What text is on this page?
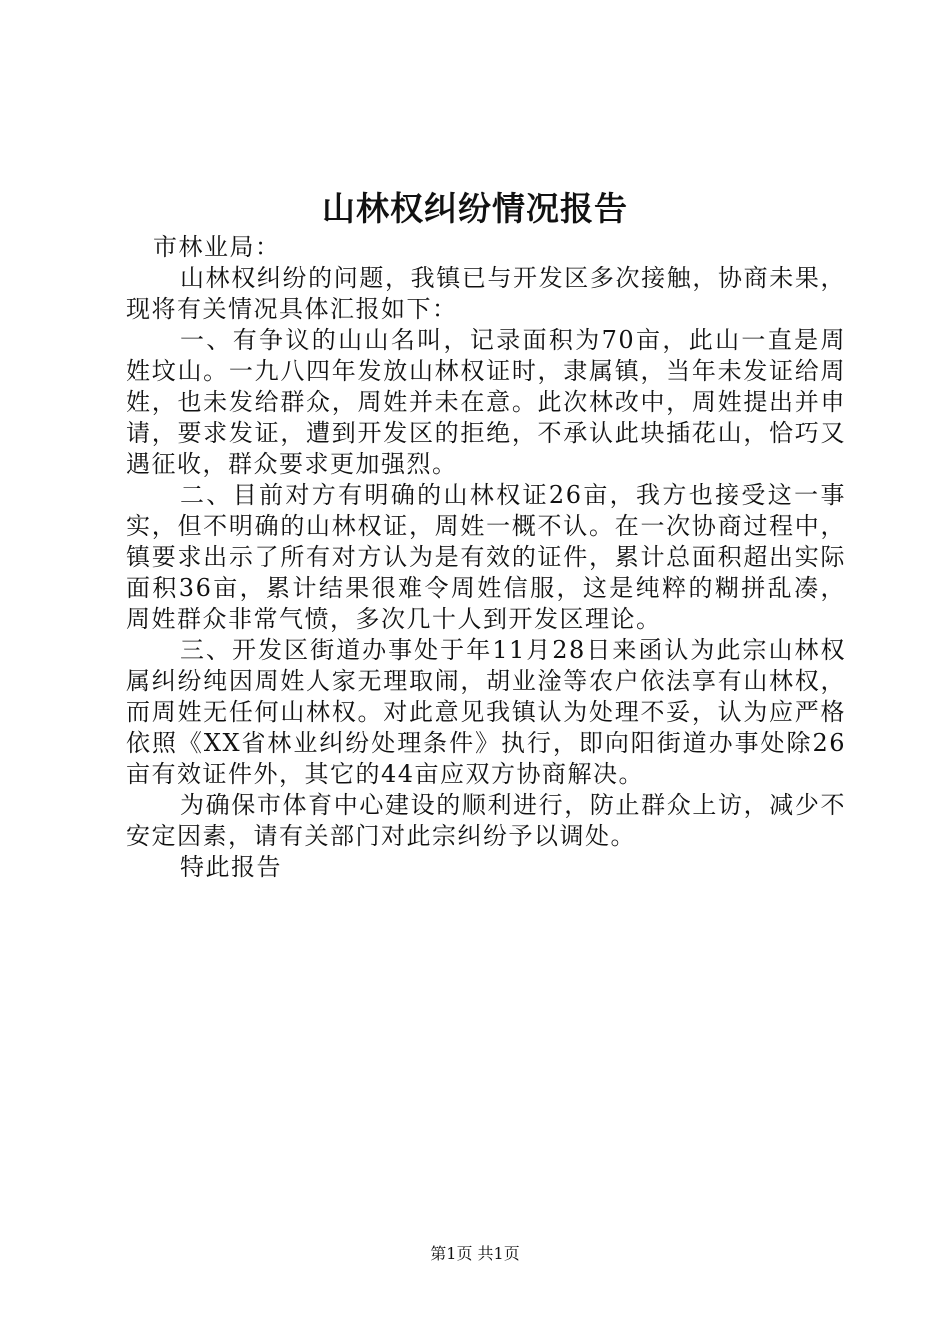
山林权纠纷情况报告
市林业局：

山林权纠纷的问题，我镇已与开发区多次接触，协商未果，现将有关情况具体汇报如下：

一、有争议的山山名叫，记录面积为70亩，此山一直是周姓坟山。一九八四年发放山林权证时，隶属镇，当年未发证给周姓，也未发给群众，周姓并未在意。此次林改中，周姓提出并申请，要求发证，遭到开发区的拒绝，不承认此块插花山，恰巧又遇征收，群众要求更加强烈。

二、目前对方有明确的山林权证26亩，我方也接受这一事实，但不明确的山林权证，周姓一概不认。在一次协商过程中，镇要求出示了所有对方认为是有效的证件，累计总面积超出实际面积36亩，累计结果很难令周姓信服，这是纯粹的糊拼乱凑，周姓群众非常气愤，多次几十人到开发区理论。

三、开发区街道办事处于年11月28日来函认为此宗山林权属纠纷纯因周姓人家无理取闹，胡业淦等农户依法享有山林权，而周姓无任何山林权。对此意见我镇认为处理不妥，认为应严格依照《XX省林业纠纷处理条件》执行，即向阳街道办事处除26亩有效证件外，其它的44亩应双方协商解决。

为确保市体育中心建设的顺利进行，防止群众上访，减少不安定因素，请有关部门对此宗纠纷予以调处。

特此报告

第1页 共1页
